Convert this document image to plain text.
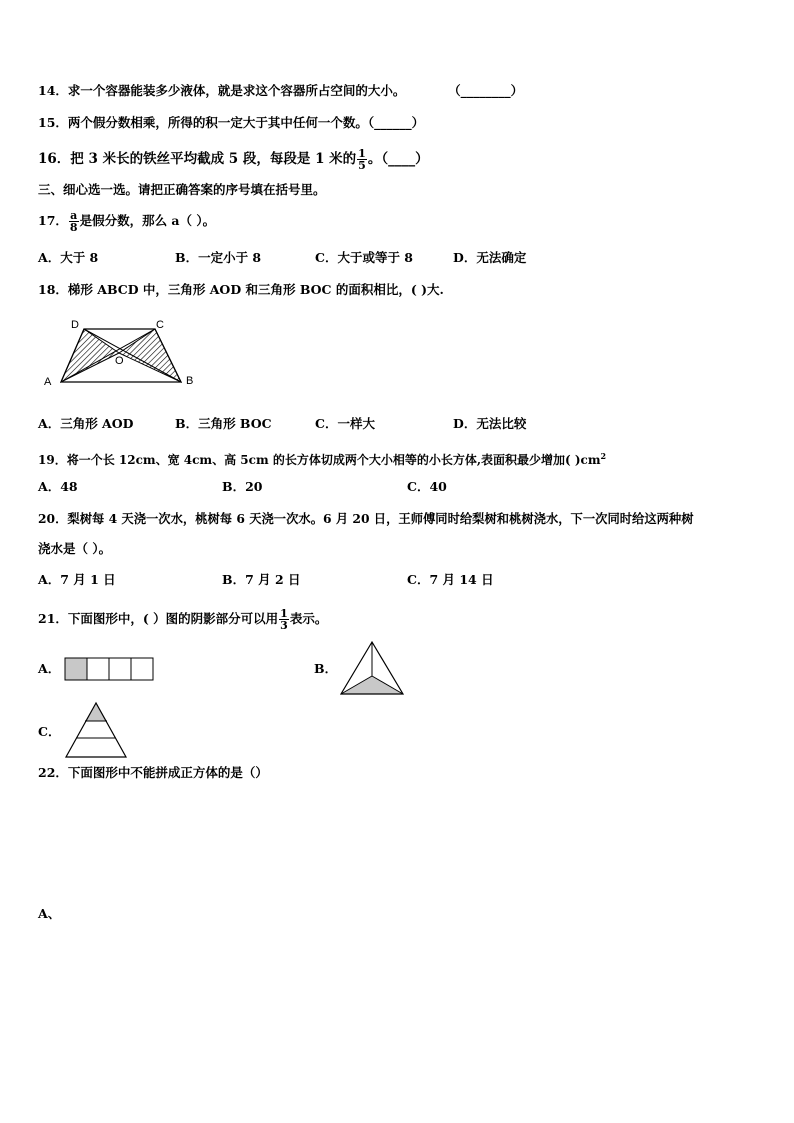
14．求一个容器能装多少液体，就是求这个容器所占空间的大小。	（________）
15．两个假分数相乘，所得的积一定大于其中任何一个数。（______）
16．把 3 米长的铁丝平均截成 5 段，每段是 1 米的 $\frac{1}{5}$ 。（____）
三、细心选一选。请把正确答案的序号填在括号里。
17． $\frac{a}{8}$ 是假分数，那么 a（ ）。
A．大于 8	B．一定小于 8	C．大于或等于 8	D．无法确定
18．梯形 ABCD 中，三角形 AOD 和三角形 BOC 的面积相比，( )大.
D	C
O
A	B
A．三角形 AOD	B．三角形 BOC	C．一样大	D．无法比较
19．将一个长 12cm、宽 4cm、高 5cm 的长方体切成两个大小相等的小长方体,表面积最少增加( )$cm^2$
A．48	B．20	C．40
20．梨树每 4 天浇一次水，桃树每 6 天浇一次水。6 月 20 日，王师傅同时给梨树和桃树浇水，下一次同时给这两种树
浇水是（ ）。
A．7 月 1 日	B．7 月 2 日	C．7 月 14 日
21．下面图形中，( ）图的阴影部分可以用 $\frac{1}{3}$ 表示。
A．	B．
C．
22．下面图形中不能拼成正方体的是（）
A、
